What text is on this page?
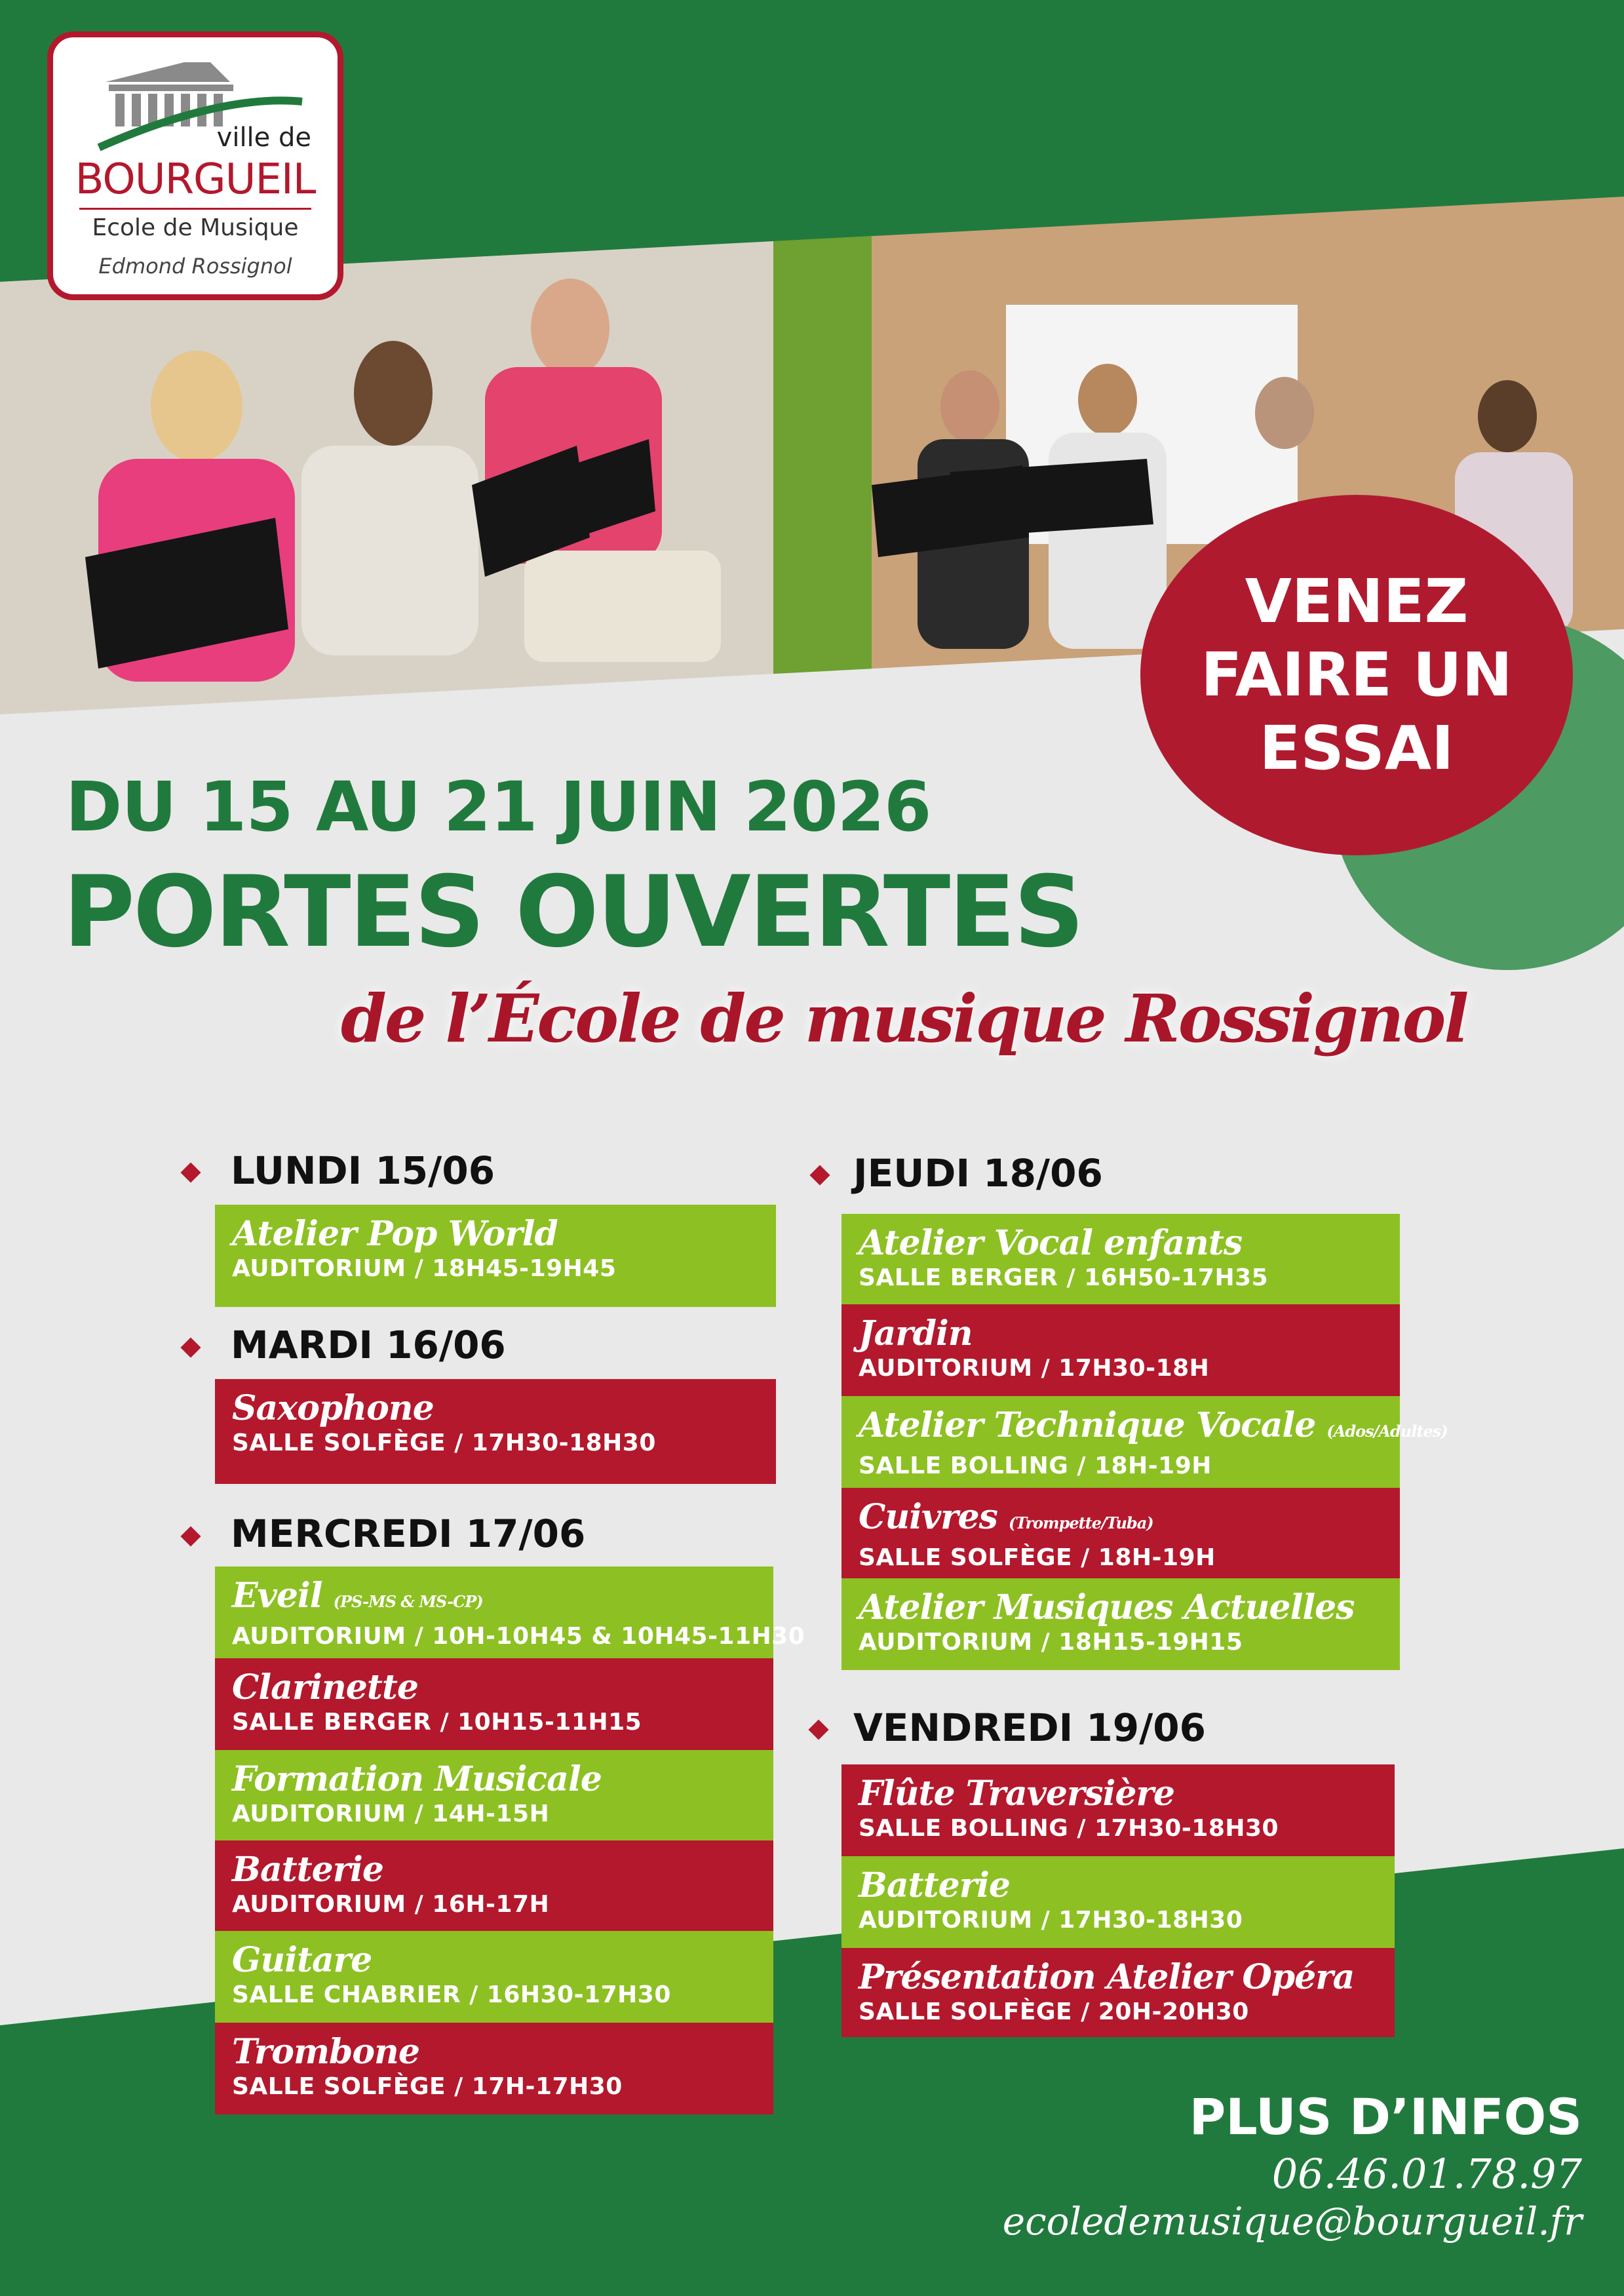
ville de
BOURGUEIL
Ecole de Musique
Edmond Rossignol
VENEZ
FAIRE UN
ESSAI
DU 15 AU 21 JUIN 2026
PORTES OUVERTES
de l’École de musique Rossignol
LUNDI 15/06
Atelier Pop World
AUDITORIUM / 18H45-19H45
MARDI 16/06
Saxophone
SALLE SOLFÈGE / 17H30-18H30
MERCREDI 17/06
Eveil (PS-MS & MS-CP)
AUDITORIUM / 10H-10H45 & 10H45-11H30
Clarinette
SALLE BERGER / 10H15-11H15
Formation Musicale
AUDITORIUM / 14H-15H
Batterie
AUDITORIUM / 16H-17H
Guitare
SALLE CHABRIER / 16H30-17H30
Trombone
SALLE SOLFÈGE / 17H-17H30
JEUDI 18/06
Atelier Vocal enfants
SALLE BERGER / 16H50-17H35
Jardin
AUDITORIUM / 17H30-18H
Atelier Technique Vocale (Ados/Adultes)
SALLE BOLLING / 18H-19H
Cuivres (Trompette/Tuba)
SALLE SOLFÈGE / 18H-19H
Atelier Musiques Actuelles
AUDITORIUM / 18H15-19H15
VENDREDI 19/06
Flûte Traversière
SALLE BOLLING / 17H30-18H30
Batterie
AUDITORIUM / 17H30-18H30
Présentation Atelier Opéra
SALLE SOLFÈGE / 20H-20H30
PLUS D’INFOS
06.46.01.78.97
ecoledemusique@bourgueil.fr
